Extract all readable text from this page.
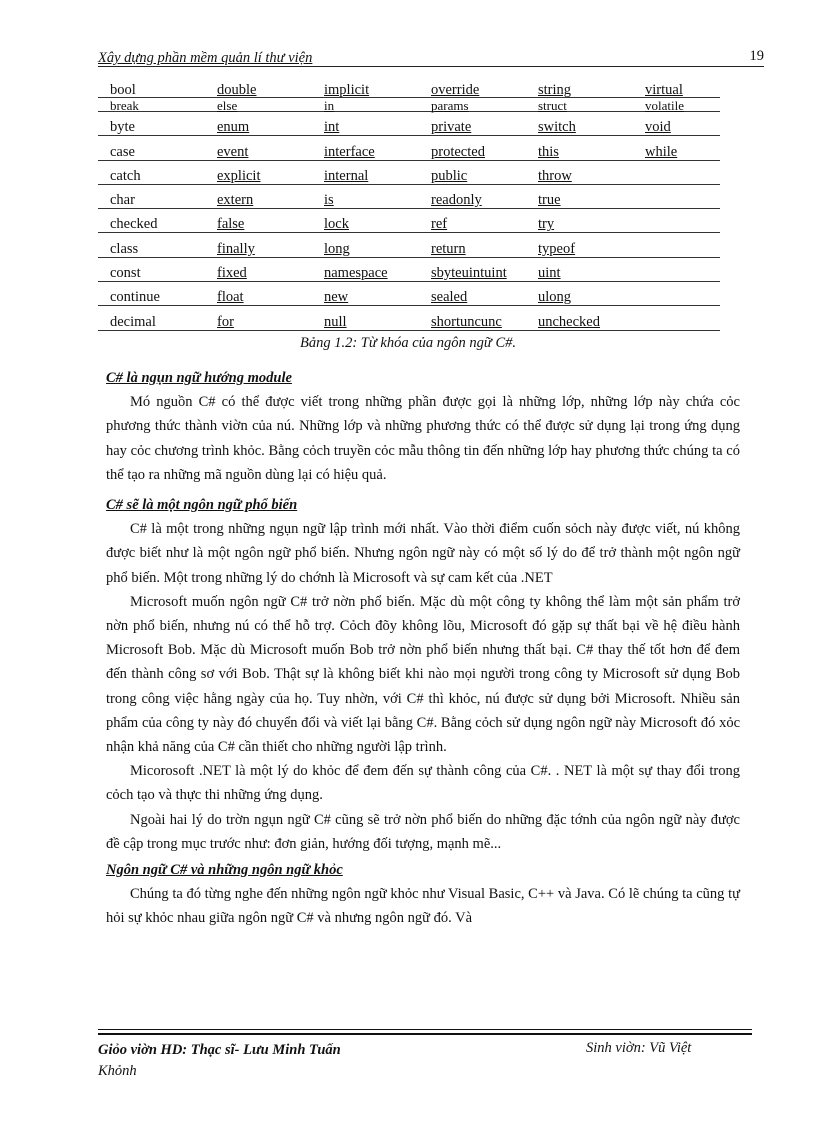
Xây dựng phần mềm quản lí thư viện	19
bool	double	implicit	override	string	virtual
break	else	in	params	struct	volatile
byte	enum	int	private	switch	void
case	event	interface	protected	this	while
catch	explicit	internal	public	throw	
char	extern	is	readonly	true	
checked	false	lock	ref	try	
class	finally	long	return	typeof	
const	fixed	namespace	sbyteuintuint	uint	
continue	float	new	sealed	ulong	
decimal	for	null	shortuncunc	unchecked	
Bảng 1.2: Từ khóa của ngôn ngữ C#.

C# là ngụn ngữ hướng module

Mó nguồn C# có thể được viết trong những phần được gọi là những lớp, những lớp này chứa cỏc phương thức thành viờn của nú. Những lớp và những phương thức có thể được sử dụng lại trong ứng dụng hay cỏc chương trình khỏc. Bằng cỏch truyền cỏc mẫu thông tin đến những lớp hay phương thức chúng ta có thể tạo ra những mã nguồn dùng lại có hiệu quả.

C# sẽ là một ngôn ngữ phổ biến

C# là một trong những ngụn ngữ lập trình mới nhất. Vào thời điểm cuốn sỏch này được viết, nú không được biết như là một ngôn ngữ phổ biến. Nhưng ngôn ngữ này có một số lý do để trở thành một ngôn ngữ phổ biến. Một trong những lý do chớnh là Microsoft và sự cam kết của .NET

Microsoft muốn ngôn ngữ C# trở nờn phổ biến. Mặc dù một công ty không thể làm một sản phẩm trở nờn phổ biến, nhưng nú có thể hỗ trợ. Cỏch đõy không lõu, Microsoft đó gặp sự thất bại về hệ điều hành Microsoft Bob. Mặc dù Microsoft muốn Bob trở nờn phổ biến nhưng thất bại. C# thay thế tốt hơn để đem đến thành công sơ với Bob. Thật sự là không biết khi nào mọi người trong công ty Microsoft sử dụng Bob trong công việc hằng ngày của họ. Tuy nhờn, với C# thì khỏc, nú được sử dụng bởi Microsoft. Nhiều sản phẩm của công ty này đó chuyển đổi và viết lại bằng C#. Bằng cỏch sử dụng ngôn ngữ này Microsoft đó xỏc nhận khả năng của C# cần thiết cho những người lập trình.

Micorosoft .NET là một lý do khỏc để đem đến sự thành công của C#. . NET là một sự thay đổi trong cỏch tạo và thực thi những ứng dụng.

Ngoài hai lý do trờn ngụn ngữ C# cũng sẽ trở nờn phổ biến do những đặc tớnh của ngôn ngữ này được đề cập trong mục trước như: đơn giản, hướng đối tượng, mạnh mẽ...

Ngôn ngữ C# và những ngôn ngữ khỏc

Chúng ta đó từng nghe đến những ngôn ngữ khỏc như Visual Basic, C++ và Java. Có lẽ chúng ta cũng tự hỏi sự khỏc nhau giữa ngôn ngữ C# và nhưng ngôn ngữ đó. Và

Giỏo viờn HD: Thạc sĩ- Lưu Minh Tuấn
Khỏnh
Sinh viờn: Vũ Việt
